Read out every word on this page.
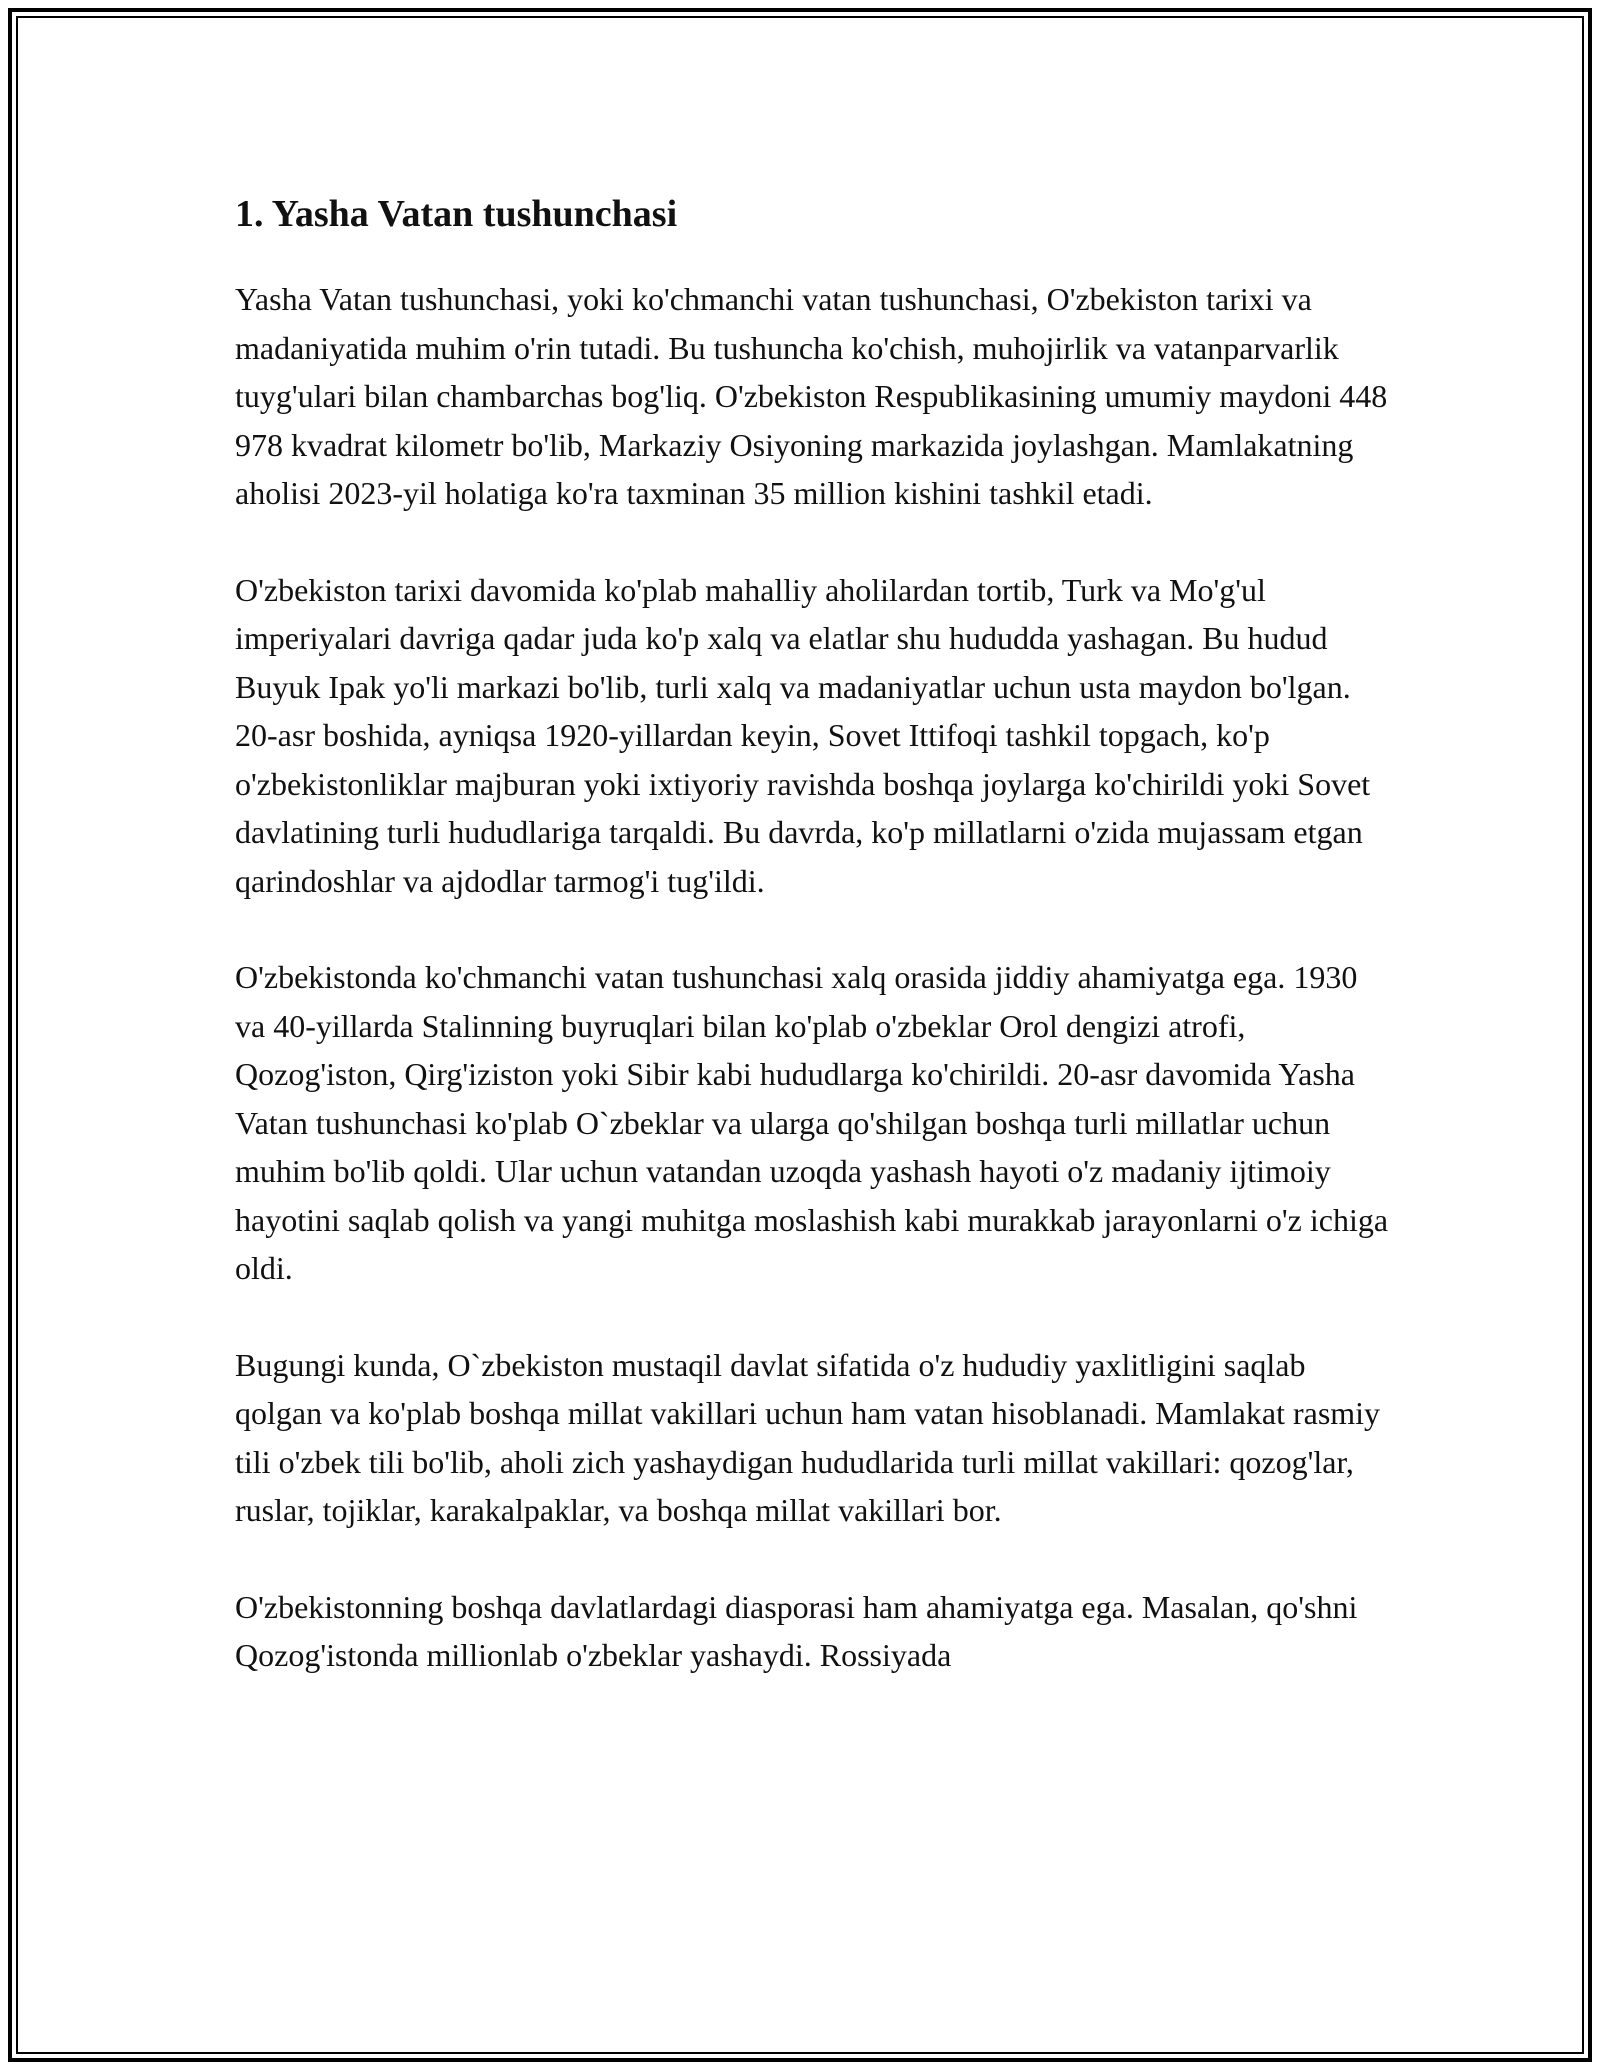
1. Yasha Vatan tushunchasi

Yasha Vatan tushunchasi, yoki ko'chmanchi vatan tushunchasi, O'zbekiston tarixi va madaniyatida muhim o'rin tutadi. Bu tushuncha ko'chish, muhojirlik va vatanparvarlik tuyg'ulari bilan chambarchas bog'liq. O'zbekiston Respublikasining umumiy maydoni 448 978 kvadrat kilometr bo'lib, Markaziy Osiyoning markazida joylashgan. Mamlakatning aholisi 2023-yil holatiga ko'ra taxminan 35 million kishini tashkil etadi.

O'zbekiston tarixi davomida ko'plab mahalliy aholilardan tortib, Turk va Mo'g'ul imperiyalari davriga qadar juda ko'p xalq va elatlar shu hududda yashagan. Bu hudud Buyuk Ipak yo'li markazi bo'lib, turli xalq va madaniyatlar uchun usta maydon bo'lgan. 20-asr boshida, ayniqsa 1920-yillardan keyin, Sovet Ittifoqi tashkil topgach, ko'p o'zbekistonliklar majburan yoki ixtiyoriy ravishda boshqa joylarga ko'chirildi yoki Sovet davlatining turli hududlariga tarqaldi. Bu davrda, ko'p millatlarni o'zida mujassam etgan qarindoshlar va ajdodlar tarmog'i tug'ildi.

O'zbekistonda ko'chmanchi vatan tushunchasi xalq orasida jiddiy ahamiyatga ega. 1930 va 40-yillarda Stalinning buyruqlari bilan ko'plab o'zbeklar Orol dengizi atrofi, Qozog'iston, Qirg'iziston yoki Sibir kabi hududlarga ko'chirildi. 20-asr davomida Yasha Vatan tushunchasi ko'plab O`zbeklar va ularga qo'shilgan boshqa turli millatlar uchun muhim bo'lib qoldi. Ular uchun vatandan uzoqda yashash hayoti o'z madaniy ijtimoiy hayotini saqlab qolish va yangi muhitga moslashish kabi murakkab jarayonlarni o'z ichiga oldi.

Bugungi kunda, O`zbekiston mustaqil davlat sifatida o'z hududiy yaxlitligini saqlab qolgan va ko'plab boshqa millat vakillari uchun ham vatan hisoblanadi. Mamlakat rasmiy tili o'zbek tili bo'lib, aholi zich yashaydigan hududlarida turli millat vakillari: qozog'lar, ruslar, tojiklar, karakalpaklar, va boshqa millat vakillari bor.

O'zbekistonning boshqa davlatlardagi diasporasi ham ahamiyatga ega. Masalan, qo'shni Qozog'istonda millionlab o'zbeklar yashaydi. Rossiyada
